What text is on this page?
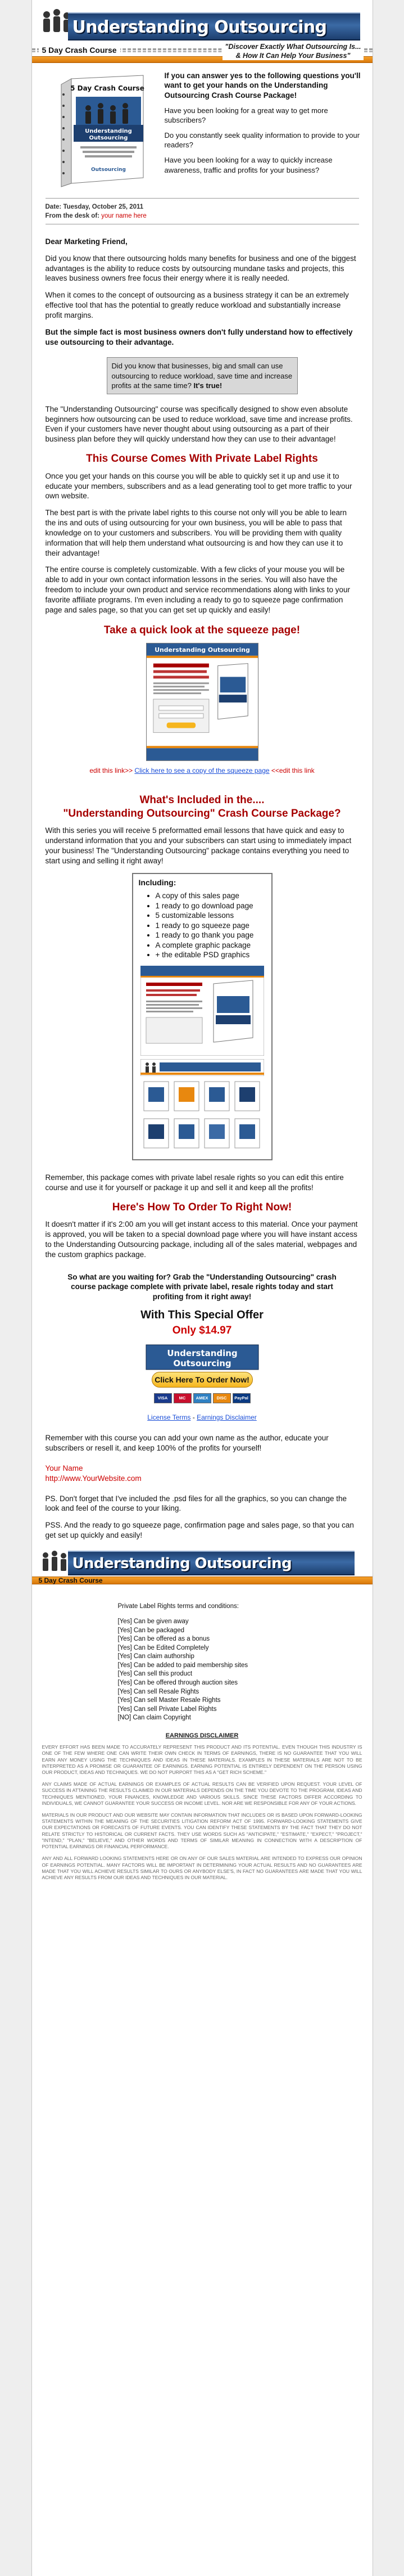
Understanding Outsourcing
5 Day Crash Course	"Discover Exactly What Outsourcing Is...
& How It Can Help Your Business"
5 Day Crash Course
Understanding
Outsourcing
Outsourcing
If you can answer yes to the following questions you'll want to get your hands on the Understanding Outsourcing Crash Course Package!

Have you been looking for a great way to get more subscribers?

Do you constantly seek quality information to provide to your readers?

Have you been looking for a way to quickly increase awareness, traffic and profits for your business?

Date: Tuesday, October 25, 2011
From the desk of: your name here

Dear Marketing Friend,

Did you know that there outsourcing holds many benefits for business and one of the biggest advantages is the ability to reduce costs by outsourcing mundane tasks and projects, this leaves business owners free focus their energy where it is really needed.

When it comes to the concept of outsourcing as a business strategy it can be an extremely effective tool that has the potential to greatly reduce workload and substantially increase profit margins.

But the simple fact is most business owners don't fully understand how to effectively use outsourcing to their advantage.

Did you know that businesses, big and small can use outsourcing to reduce workload, save time and increase profits at the same time? It's true!

The "Understanding Outsourcing" course was specifically designed to show even absolute beginners how outsourcing can be used to reduce workload, save time and increase profits. Even if your customers have never thought about using outsourcing as a part of their business plan before they will quickly understand how they can use to their advantage!

This Course Comes With Private Label Rights

Once you get your hands on this course you will be able to quickly set it up and use it to educate your members, subscribers and as a lead generating tool to get more traffic to your own website.

The best part is with the private label rights to this course not only will you be able to learn the ins and outs of using outsourcing for your own business, you will be able to pass that knowledge on to your customers and subscribers. You will be providing them with quality information that will help them understand what outsourcing is and how they can use it to their advantage!

The entire course is completely customizable. With a few clicks of your mouse you will be able to add in your own contact information lessons in the series. You will also have the freedom to include your own product and service recommendations along with links to your favorite affiliate programs. I'm even including a ready to go to squeeze page confirmation page and sales page, so that you can get set up quickly and easily!

Take a quick look at the squeeze page!
Understanding Outsourcing
edit this link>> Click here to see a copy of the squeeze page <<edit this link
What's Included in the....
"Understanding Outsourcing" Crash Course Package?

With this series you will receive 5 preformatted email lessons that have quick and easy to understand information that you and your subscribers can start using to immediately impact your business! The "Understanding Outsourcing" package contains everything you need to start using and selling it right away!

Including:
• A copy of this sales page
• 1 ready to go download page
• 5 customizable lessons
• 1 ready to go squeeze page
• 1 ready to go thank you page
• A complete graphic package
• + the editable PSD graphics

Remember, this package comes with private label resale rights so you can edit this entire course and use it for yourself or package it up and sell it and keep all the profits!

Here's How To Order To Right Now!

It doesn't matter if it's 2:00 am you will get instant access to this material. Once your payment is approved, you will be taken to a special download page where you will have instant access to the Understanding Outsourcing package, including all of the sales material, webpages and the custom graphics package.

So what are you waiting for? Grab the "Understanding Outsourcing" crash course package complete with private label, resale rights today and start profiting from it right away!

With This Special Offer
Only $14.97
Understanding
Outsourcing
Click Here To Order Now!
VISA	MC	AMEX	DISC	PayPal
License Terms - Earnings Disclaimer

Remember with this course you can add your own name as the author, educate your subscribers or resell it, and keep 100% of the profits for yourself!

Your Name
http://www.YourWebsite.com

PS. Don't forget that I've included the .psd files for all the graphics, so you can change the look and feel of the course to your liking.

PSS. And the ready to go squeeze page, confirmation page and sales page, so that you can get set up quickly and easily!

Understanding Outsourcing
5 Day Crash Course
Private Label Rights terms and conditions:
[Yes] Can be given away
[Yes] Can be packaged
[Yes] Can be offered as a bonus
[Yes] Can be Edited Completely
[Yes] Can claim authorship
[Yes] Can be added to paid membership sites
[Yes] Can sell this product
[Yes] Can be offered through auction sites
[Yes] Can sell Resale Rights
[Yes] Can sell Master Resale Rights
[Yes] Can sell Private Label Rights
[NO] Can claim Copyright
EARNINGS DISCLAIMER

EVERY EFFORT HAS BEEN MADE TO ACCURATELY REPRESENT THIS PRODUCT AND ITS POTENTIAL. EVEN THOUGH THIS INDUSTRY IS ONE OF THE FEW WHERE ONE CAN WRITE THEIR OWN CHECK IN TERMS OF EARNINGS, THERE IS NO GUARANTEE THAT YOU WILL EARN ANY MONEY USING THE TECHNIQUES AND IDEAS IN THESE MATERIALS. EXAMPLES IN THESE MATERIALS ARE NOT TO BE INTERPRETED AS A PROMISE OR GUARANTEE OF EARNINGS. EARNING POTENTIAL IS ENTIRELY DEPENDENT ON THE PERSON USING OUR PRODUCT, IDEAS AND TECHNIQUES. WE DO NOT PURPORT THIS AS A "GET RICH SCHEME."

ANY CLAIMS MADE OF ACTUAL EARNINGS OR EXAMPLES OF ACTUAL RESULTS CAN BE VERIFIED UPON REQUEST. YOUR LEVEL OF SUCCESS IN ATTAINING THE RESULTS CLAIMED IN OUR MATERIALS DEPENDS ON THE TIME YOU DEVOTE TO THE PROGRAM, IDEAS AND TECHNIQUES MENTIONED, YOUR FINANCES, KNOWLEDGE AND VARIOUS SKILLS. SINCE THESE FACTORS DIFFER ACCORDING TO INDIVIDUALS, WE CANNOT GUARANTEE YOUR SUCCESS OR INCOME LEVEL. NOR ARE WE RESPONSIBLE FOR ANY OF YOUR ACTIONS.

MATERIALS IN OUR PRODUCT AND OUR WEBSITE MAY CONTAIN INFORMATION THAT INCLUDES OR IS BASED UPON FORWARD-LOOKING STATEMENTS WITHIN THE MEANING OF THE SECURITIES LITIGATION REFORM ACT OF 1995. FORWARD-LOOKING STATEMENTS GIVE OUR EXPECTATIONS OR FORECASTS OF FUTURE EVENTS. YOU CAN IDENTIFY THESE STATEMENTS BY THE FACT THAT THEY DO NOT RELATE STRICTLY TO HISTORICAL OR CURRENT FACTS. THEY USE WORDS SUCH AS "ANTICIPATE," "ESTIMATE," "EXPECT," "PROJECT," "INTEND," "PLAN," "BELIEVE," AND OTHER WORDS AND TERMS OF SIMILAR MEANING IN CONNECTION WITH A DESCRIPTION OF POTENTIAL EARNINGS OR FINANCIAL PERFORMANCE.

ANY AND ALL FORWARD LOOKING STATEMENTS HERE OR ON ANY OF OUR SALES MATERIAL ARE INTENDED TO EXPRESS OUR OPINION OF EARNINGS POTENTIAL. MANY FACTORS WILL BE IMPORTANT IN DETERMINING YOUR ACTUAL RESULTS AND NO GUARANTEES ARE MADE THAT YOU WILL ACHIEVE RESULTS SIMILAR TO OURS OR ANYBODY ELSE'S, IN FACT NO GUARANTEES ARE MADE THAT YOU WILL ACHIEVE ANY RESULTS FROM OUR IDEAS AND TECHNIQUES IN OUR MATERIAL.
